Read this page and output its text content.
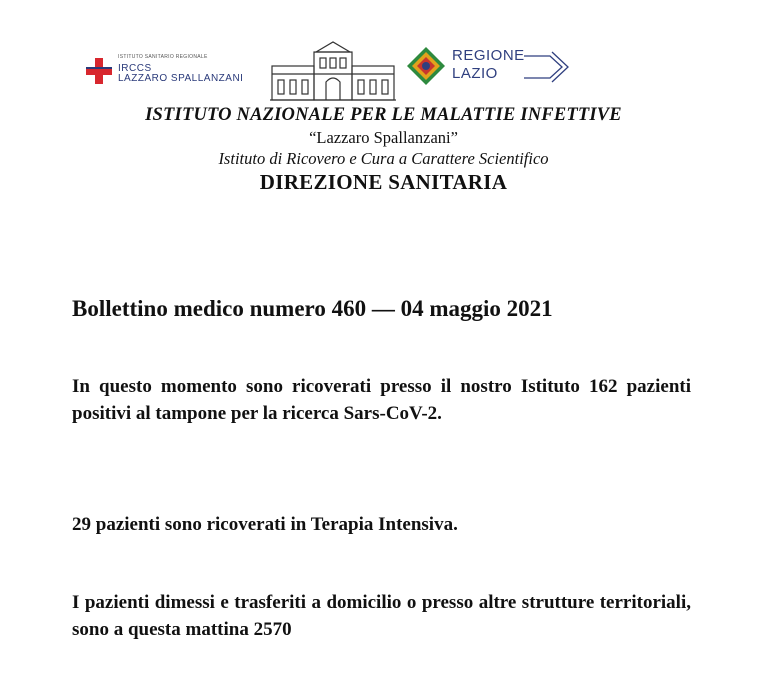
ISTITUTO SANITARIO REGIONALE
IRCCS
LAZZARO SPALLANZANI
REGIONE
LAZIO
ISTITUTO NAZIONALE PER LE MALATTIE INFETTIVE
“Lazzaro Spallanzani”
Istituto di Ricovero e Cura a Carattere Scientifico
DIREZIONE SANITARIA
Bollettino medico numero 460 — 04 maggio 2021
In questo momento sono ricoverati presso il nostro Istituto 162 pazienti positivi al tampone per la ricerca Sars-CoV-2.
29 pazienti sono ricoverati in Terapia Intensiva.
I pazienti dimessi e trasferiti a domicilio o presso altre strutture territoriali, sono a questa mattina 2570
